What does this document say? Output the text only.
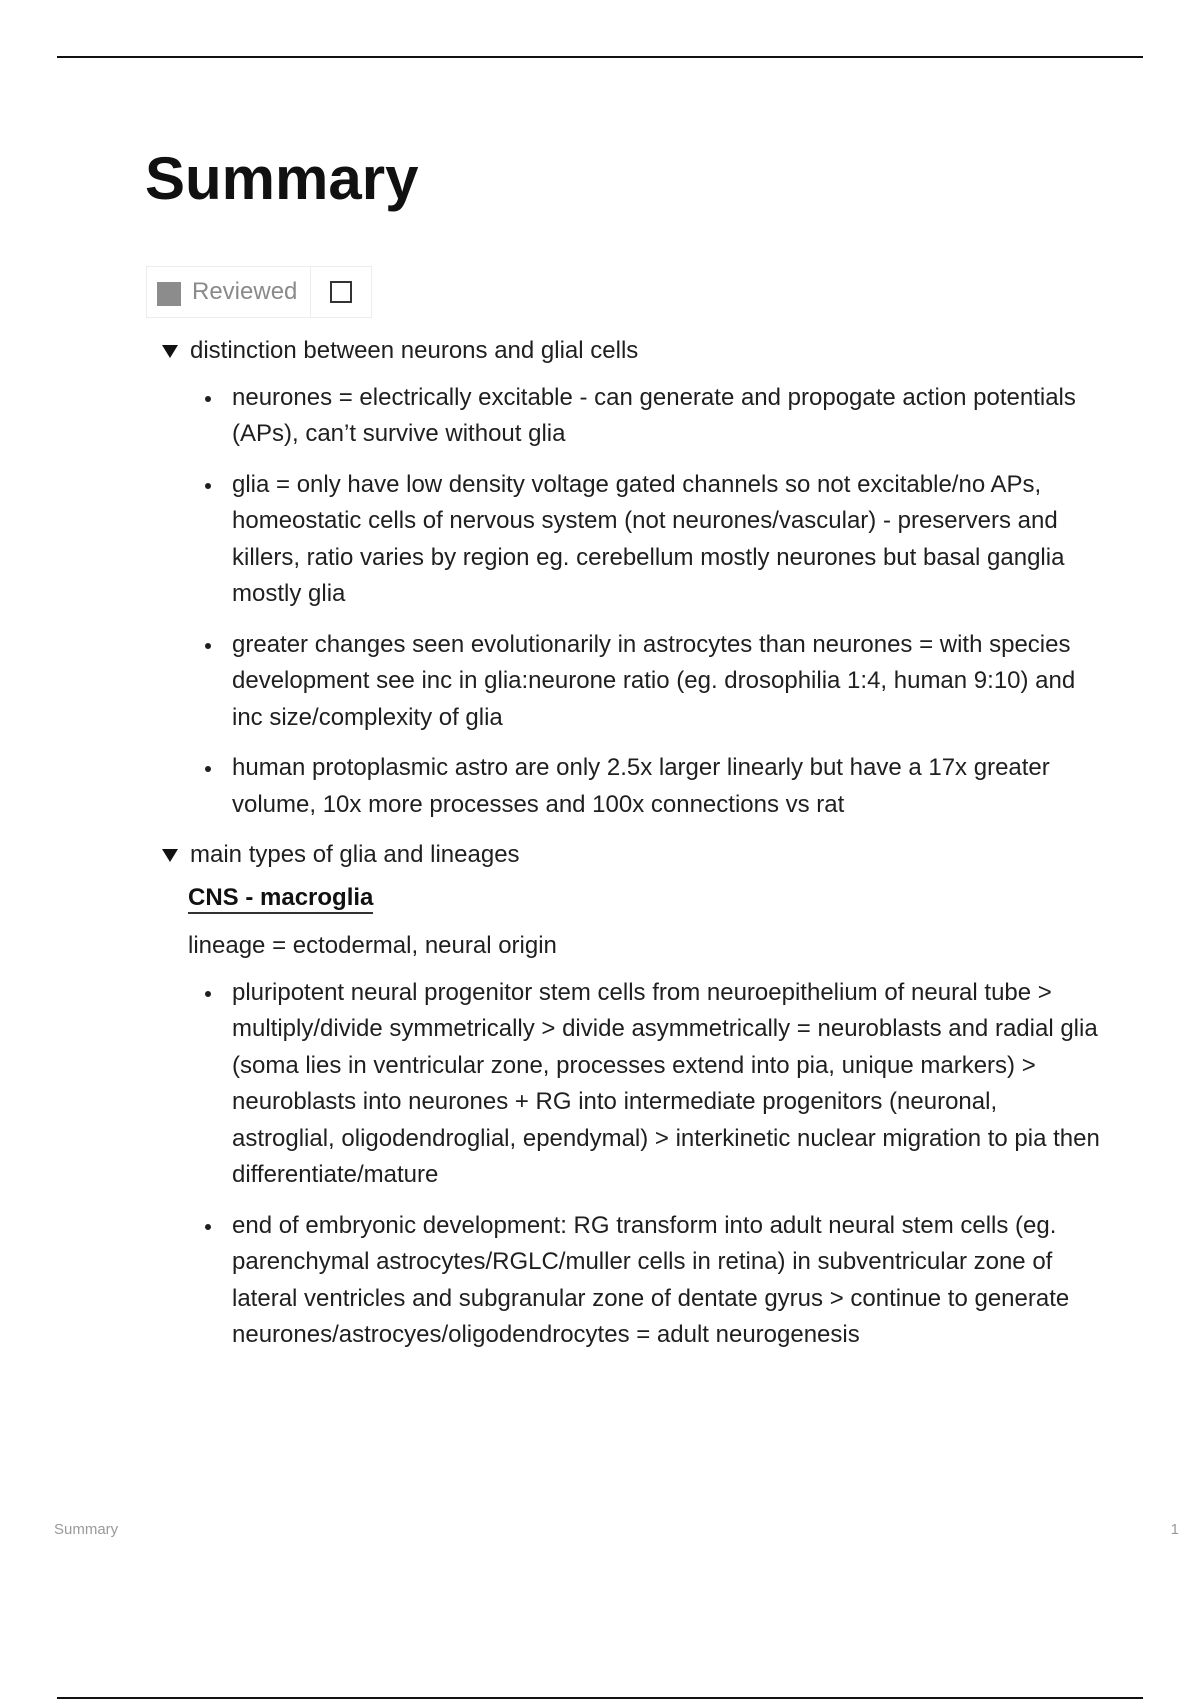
Summary
Reviewed
distinction between neurons and glial cells
neurones = electrically excitable - can generate and propogate action potentials (APs), can’t survive without glia
glia = only have low density voltage gated channels so not excitable/no APs, homeostatic cells of nervous system (not neurones/vascular) - preservers and killers, ratio varies by region eg. cerebellum mostly neurones but basal ganglia mostly glia
greater changes seen evolutionarily in astrocytes than neurones = with species development see inc in glia:neurone ratio (eg. drosophilia 1:4, human 9:10) and inc size/complexity of glia
human protoplasmic astro are only 2.5x larger linearly but have a 17x greater volume, 10x more processes and 100x connections vs rat
main types of glia and lineages
CNS - macroglia
lineage = ectodermal, neural origin
pluripotent neural progenitor stem cells from neuroepithelium of neural tube > multiply/divide symmetrically > divide asymmetrically = neuroblasts and radial glia (soma lies in ventricular zone, processes extend into pia, unique markers) > neuroblasts into neurones + RG into intermediate progenitors (neuronal, astroglial, oligodendroglial, ependymal) > interkinetic nuclear migration to pia then differentiate/mature
end of embryonic development: RG transform into adult neural stem cells (eg. parenchymal astrocytes/RGLC/muller cells in retina) in subventricular zone of lateral ventricles and subgranular zone of dentate gyrus > continue to generate neurones/astrocyes/oligodendrocytes = adult neurogenesis
Summary	1
